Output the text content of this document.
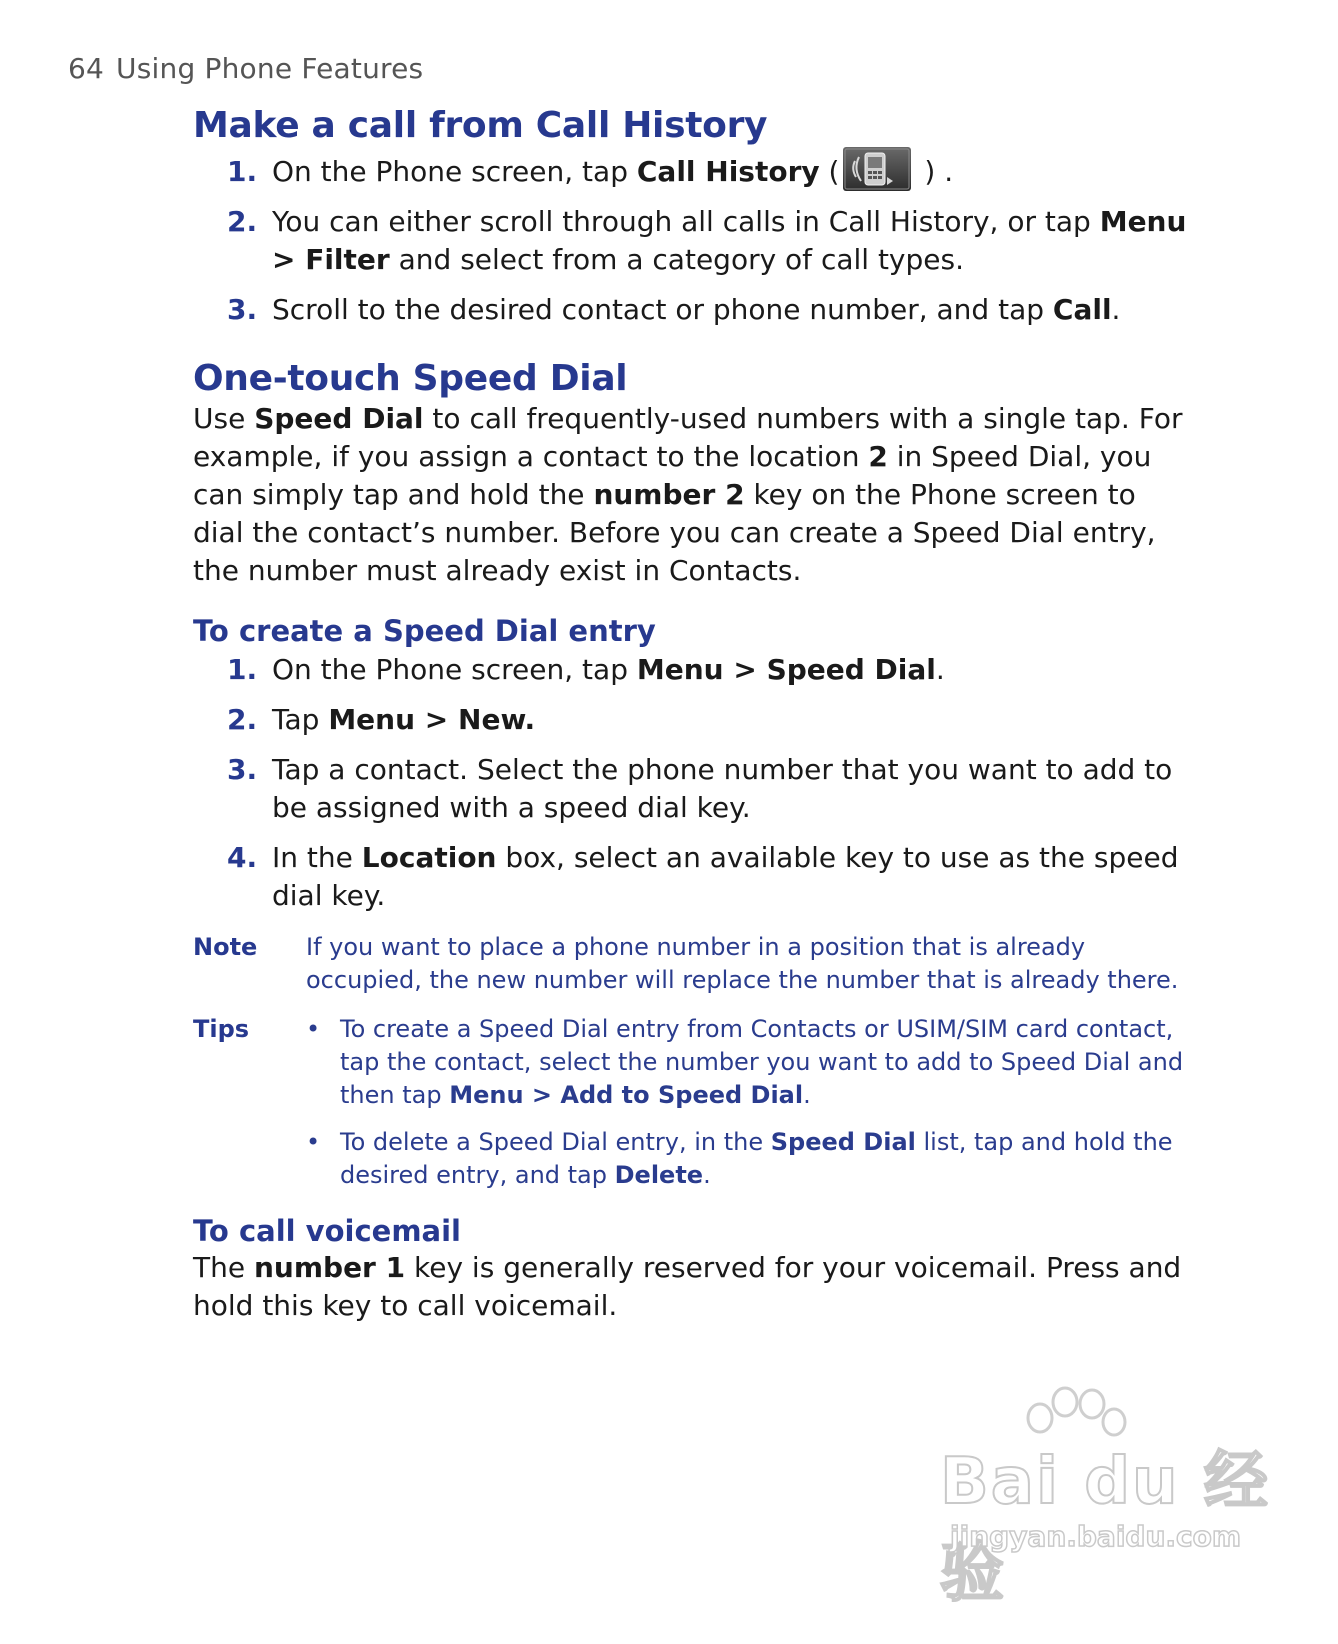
64 Using Phone Features
Make a call from Call History
1. On the Phone screen, tap Call History (	) .
2. You can either scroll through all calls in Call History, or tap Menu > Filter and select from a category of call types.
3. Scroll to the desired contact or phone number, and tap Call.
One-touch Speed Dial

Use Speed Dial to call frequently-used numbers with a single tap. For example, if you assign a contact to the location 2 in Speed Dial, you can simply tap and hold the number 2 key on the Phone screen to dial the contact’s number. Before you can create a Speed Dial entry, the number must already exist in Contacts.

To create a Speed Dial entry
1. On the Phone screen, tap Menu > Speed Dial.
2. Tap Menu > New.
3. Tap a contact. Select the phone number that you want to add to be assigned with a speed dial key.
4. In the Location box, select an available key to use as the speed dial key.
Note If you want to place a phone number in a position that is already occupied, the new number will replace the number that is already there.
Tips • To create a Speed Dial entry from Contacts or USIM/SIM card contact, tap the contact, select the number you want to add to Speed Dial and then tap Menu > Add to Speed Dial.
• To delete a Speed Dial entry, in the Speed Dial list, tap and hold the desired entry, and tap Delete.
To call voicemail

The number 1 key is generally reserved for your voicemail. Press and hold this key to call voicemail.

Bai du 经验
jingyan.baidu.com
